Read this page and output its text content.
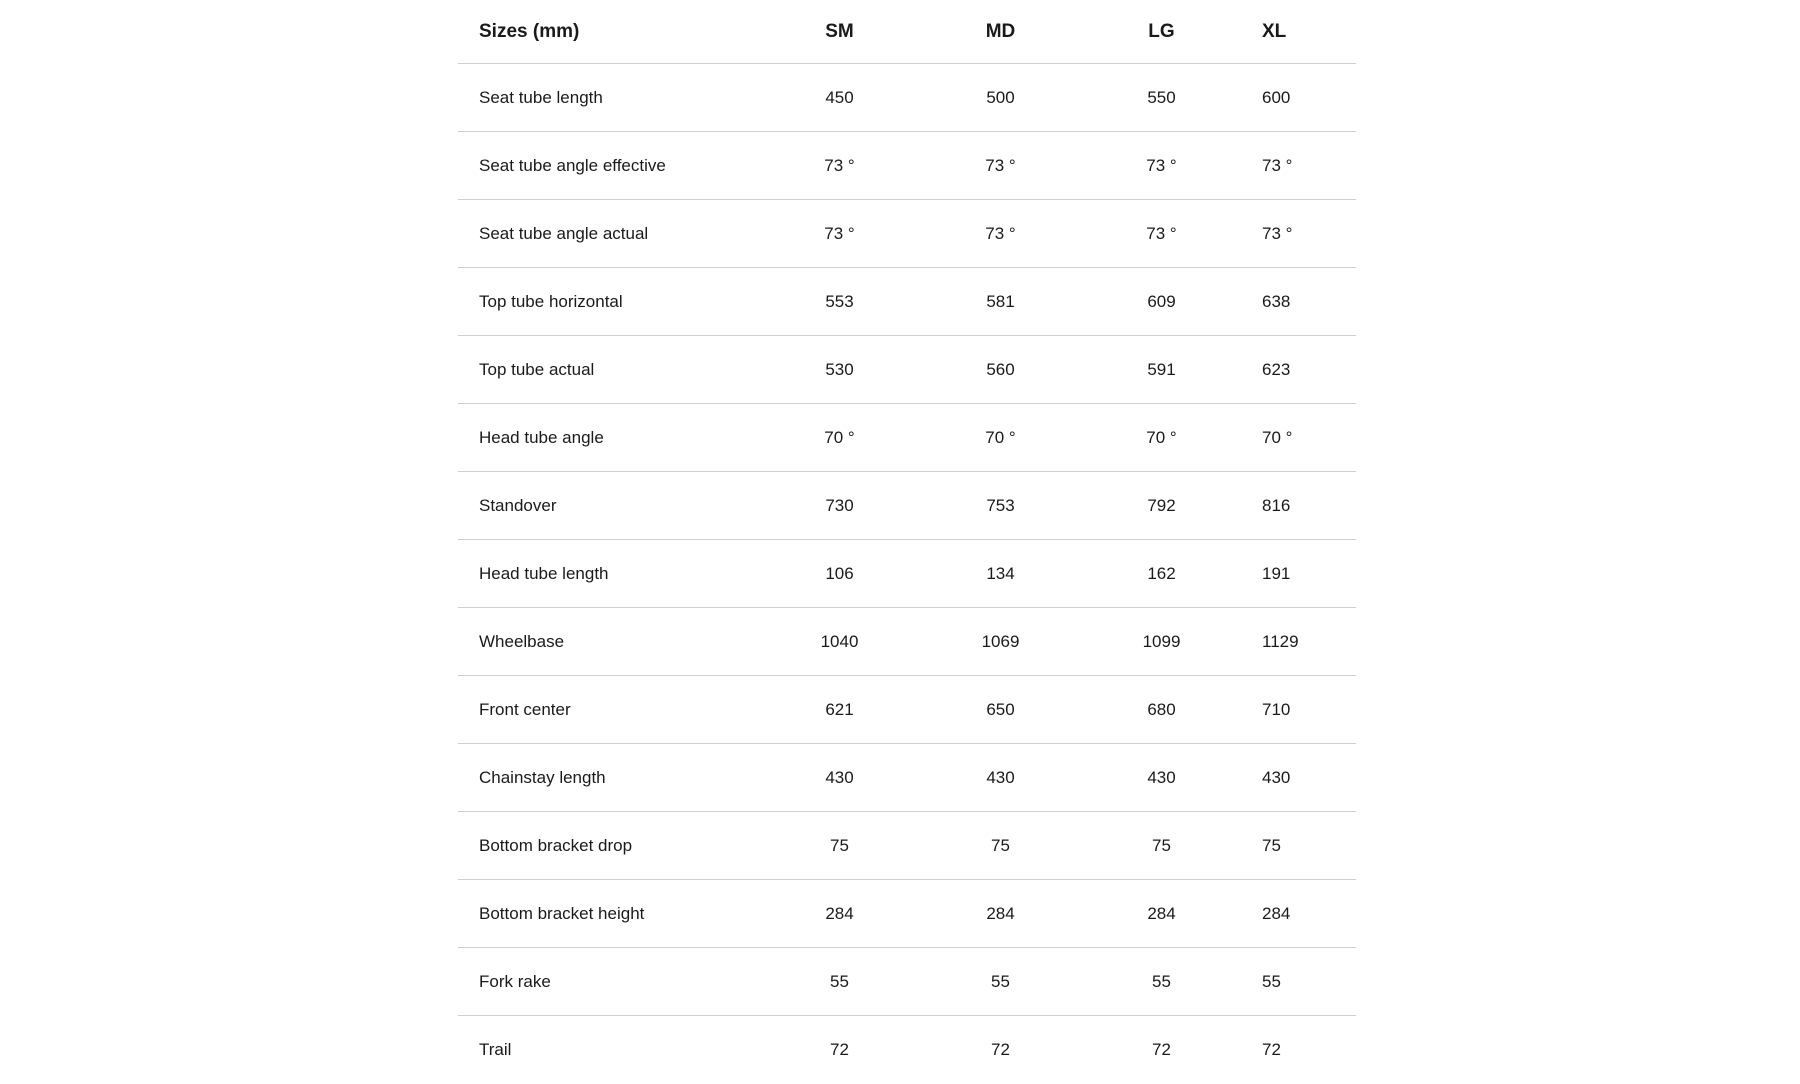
Sizes (mm)	SM	MD	LG	XL
Seat tube length	450	500	550	600
Seat tube angle effective	73 °	73 °	73 °	73 °
Seat tube angle actual	73 °	73 °	73 °	73 °
Top tube horizontal	553	581	609	638
Top tube actual	530	560	591	623
Head tube angle	70 °	70 °	70 °	70 °
Standover	730	753	792	816
Head tube length	106	134	162	191
Wheelbase	1040	1069	1099	1129
Front center	621	650	680	710
Chainstay length	430	430	430	430
Bottom bracket drop	75	75	75	75
Bottom bracket height	284	284	284	284
Fork rake	55	55	55	55
Trail	72	72	72	72
